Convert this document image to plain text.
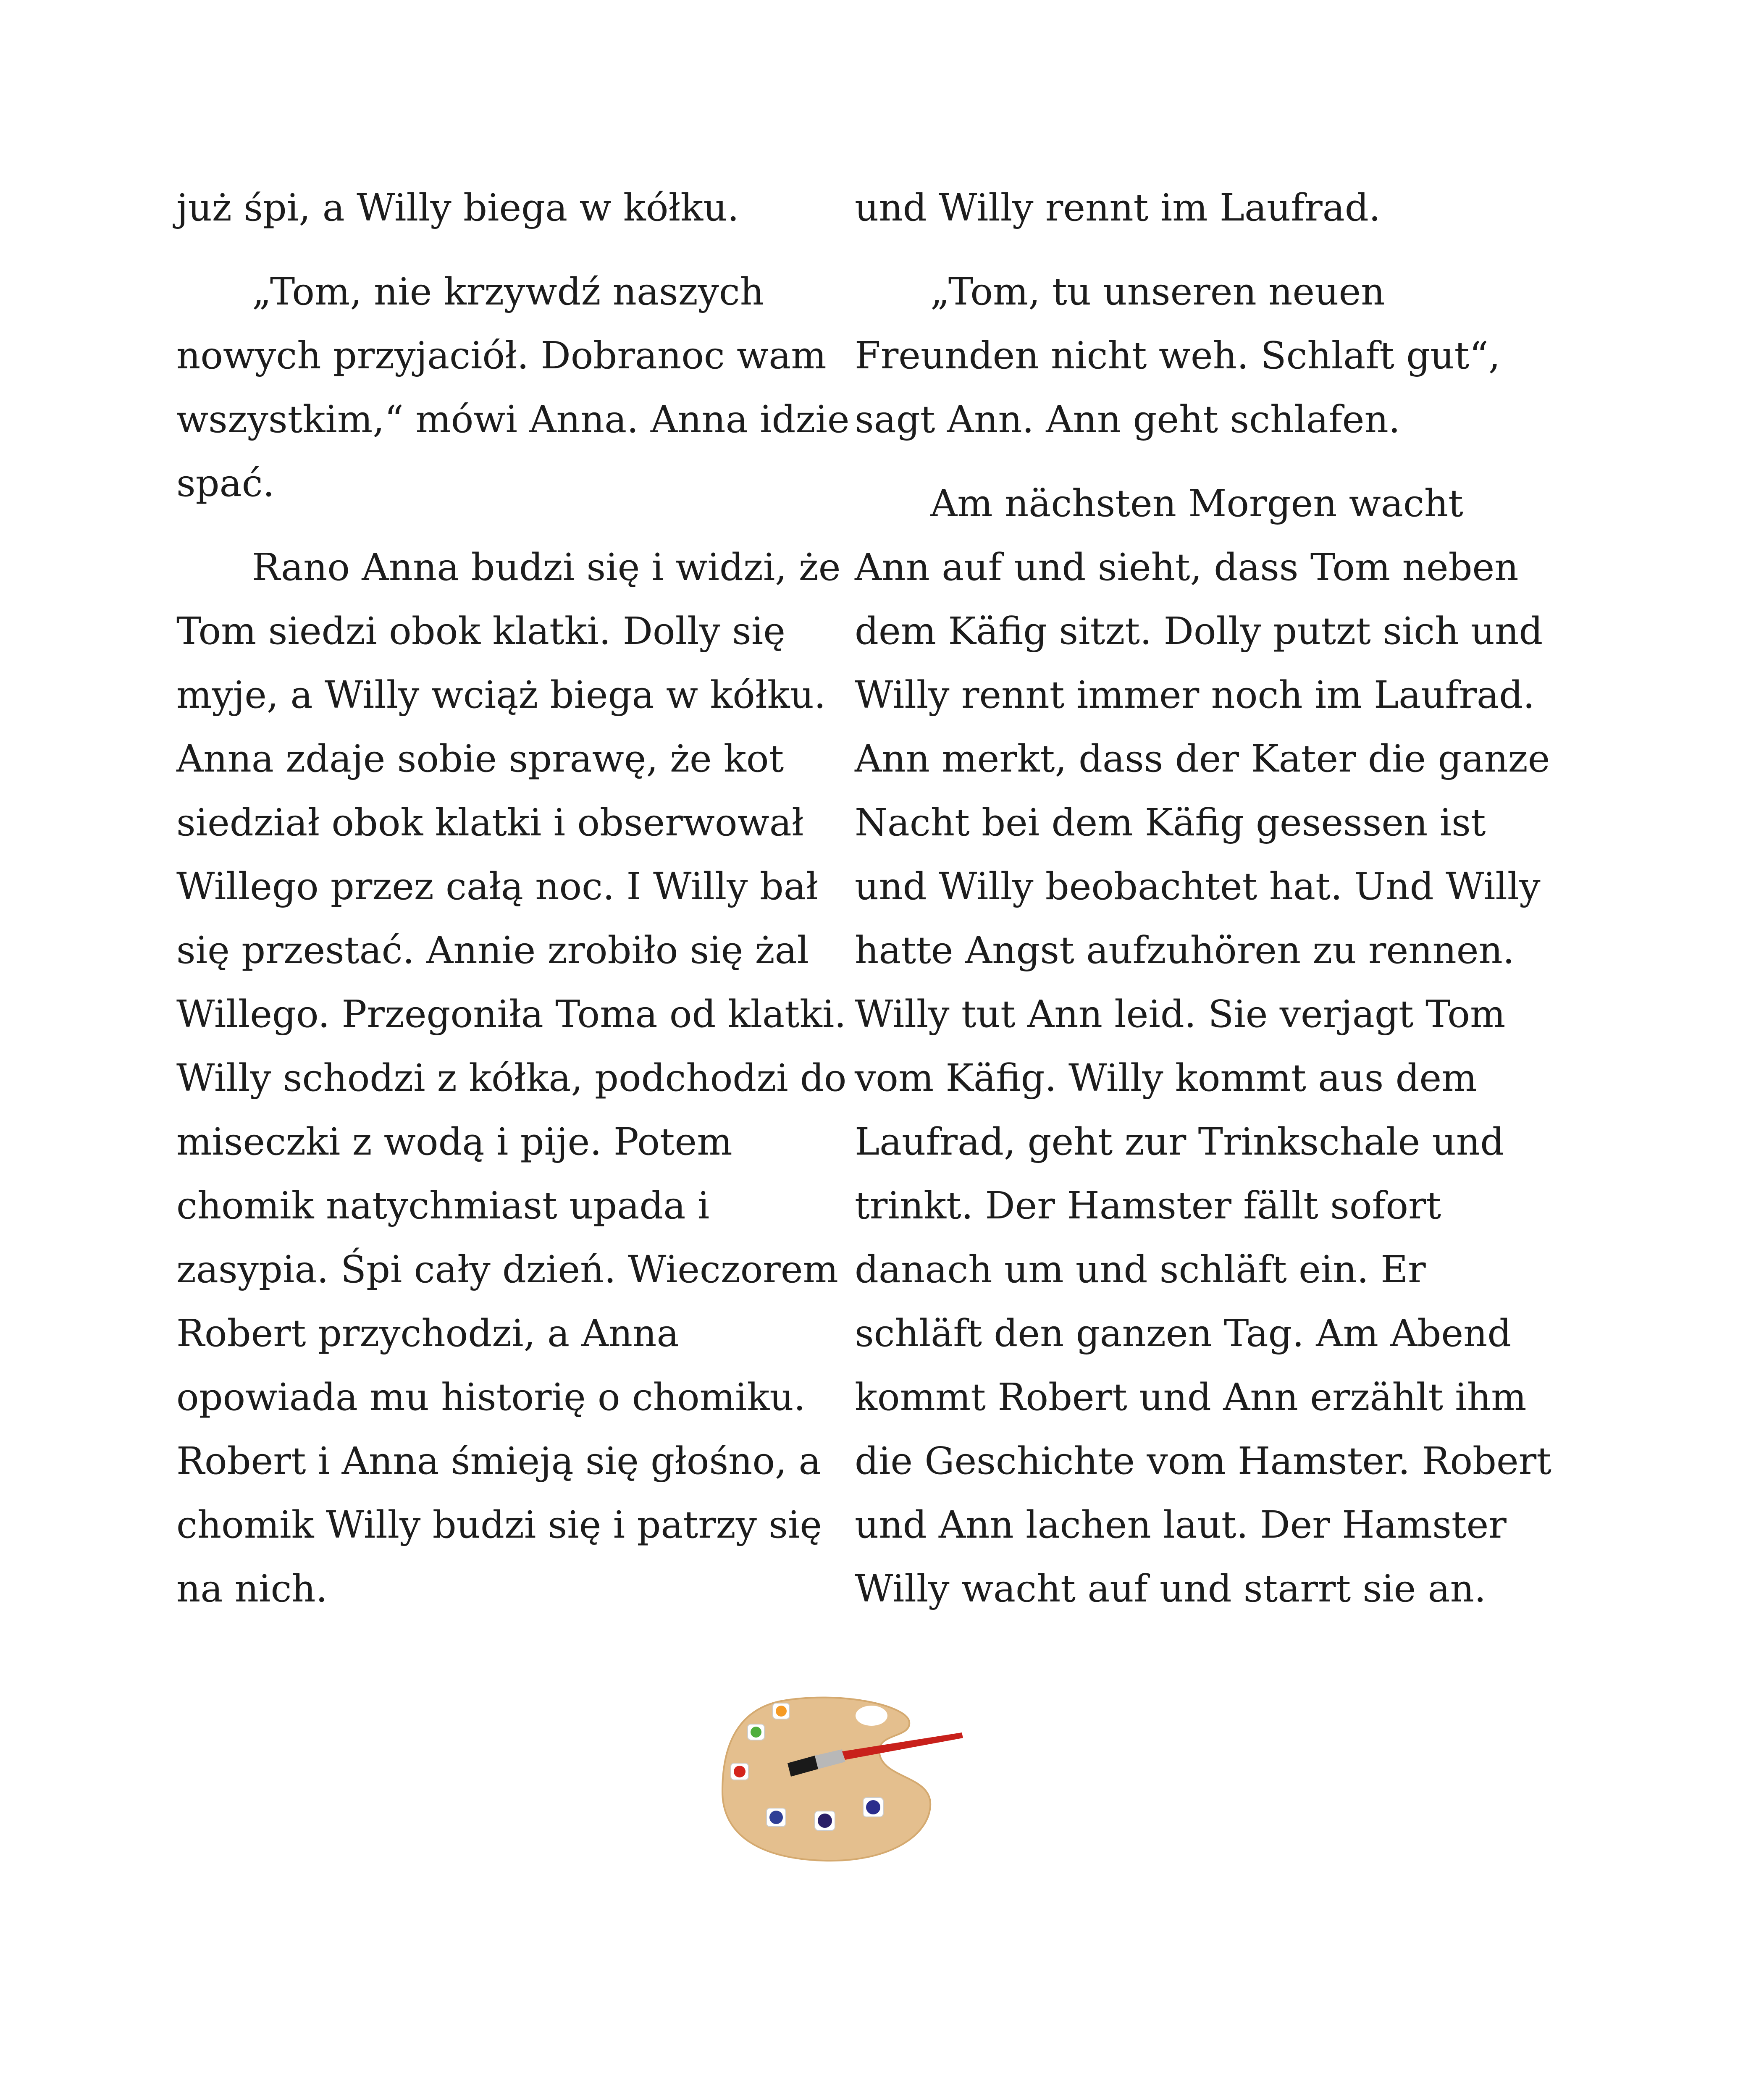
już śpi, a Willy biega w kółku.

„Tom, nie krzywdź naszych
nowych przyjaciół. Dobranoc wam
wszystkim,“ mówi Anna. Anna idzie
spać.

Rano Anna budzi się i widzi, że
Tom siedzi obok klatki. Dolly się
myje, a Willy wciąż biega w kółku.
Anna zdaje sobie sprawę, że kot
siedział obok klatki i obserwował
Willego przez całą noc. I Willy bał
się przestać. Annie zrobiło się żal
Willego. Przegoniła Toma od klatki.
Willy schodzi z kółka, podchodzi do
miseczki z wodą i pije. Potem
chomik natychmiast upada i
zasypia. Śpi cały dzień. Wieczorem
Robert przychodzi, a Anna
opowiada mu historię o chomiku.
Robert i Anna śmieją się głośno, a
chomik Willy budzi się i patrzy się
na nich.

und Willy rennt im Laufrad.

„Tom, tu unseren neuen
Freunden nicht weh. Schlaft gut“,
sagt Ann. Ann geht schlafen.

Am nächsten Morgen wacht
Ann auf und sieht, dass Tom neben
dem Käfig sitzt. Dolly putzt sich und
Willy rennt immer noch im Laufrad.
Ann merkt, dass der Kater die ganze
Nacht bei dem Käfig gesessen ist
und Willy beobachtet hat. Und Willy
hatte Angst aufzuhören zu rennen.
Willy tut Ann leid. Sie verjagt Tom
vom Käfig. Willy kommt aus dem
Laufrad, geht zur Trinkschale und
trinkt. Der Hamster fällt sofort
danach um und schläft ein. Er
schläft den ganzen Tag. Am Abend
kommt Robert und Ann erzählt ihm
die Geschichte vom Hamster. Robert
und Ann lachen laut. Der Hamster
Willy wacht auf und starrt sie an.
